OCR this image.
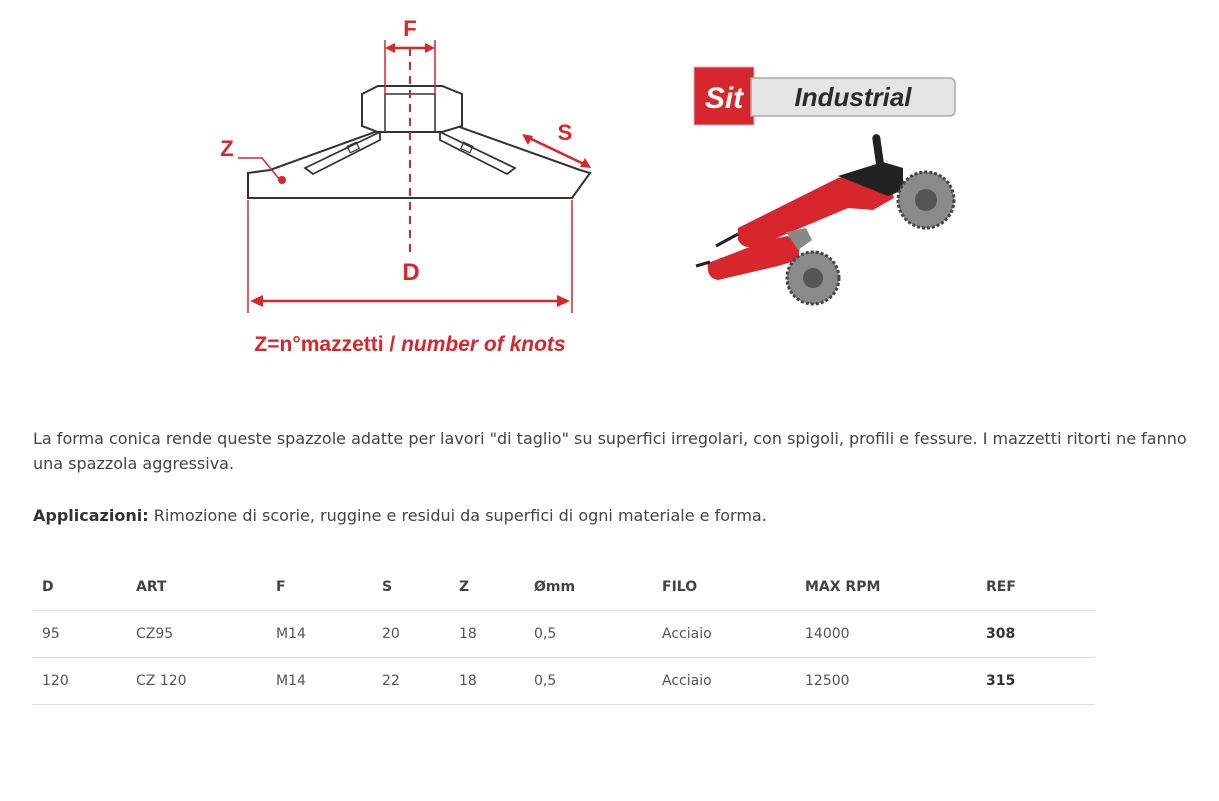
F
S
Z
D
Z=n°mazzetti / number of knots
Sit Industrial

La forma conica rende queste spazzole adatte per lavori "di taglio" su superfici irregolari, con spigoli, profili e fessure. I mazzetti ritorti ne fanno una spazzola aggressiva.

Applicazioni: Rimozione di scorie, ruggine e residui da superfici di ogni materiale e forma.

D	ART	F	S	Z	Ømm	FILO	MAX RPM	REF
95	CZ95	M14	20	18	0,5	Acciaio	14000	308
120	CZ 120	M14	22	18	0,5	Acciaio	12500	315
